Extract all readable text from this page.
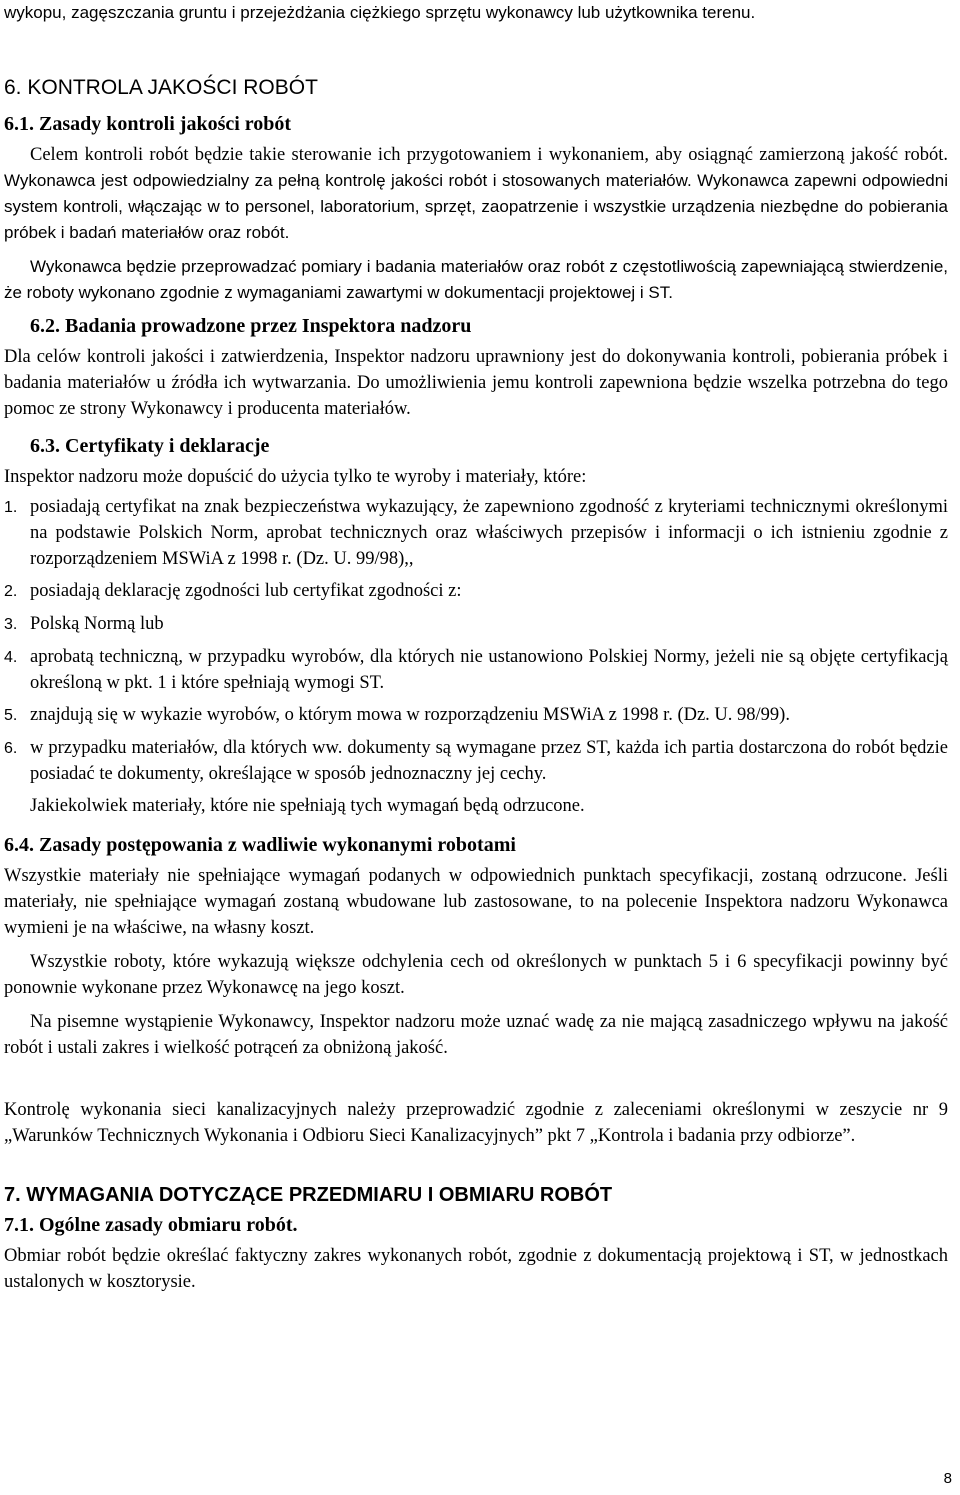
wykopu, zagęszczania gruntu i przejeżdżania ciężkiego sprzętu wykonawcy lub użytkownika terenu.

6. KONTROLA JAKOŚCI ROBÓT

6.1. Zasady kontroli jakości robót

Celem kontroli robót będzie takie sterowanie ich przygotowaniem i wykonaniem, aby osiągnąć zamierzoną jakość robót. Wykonawca jest odpowiedzialny za pełną kontrolę jakości robót i stosowanych materiałów. Wykonawca zapewni odpowiedni system kontroli, włączając w to personel, laboratorium, sprzęt, zaopatrzenie i wszystkie urządzenia niezbędne do pobierania próbek i badań materiałów oraz robót.

Wykonawca będzie przeprowadzać pomiary i badania materiałów oraz robót z częstotliwością zapewniającą stwierdzenie, że roboty wykonano zgodnie z wymaganiami zawartymi w dokumentacji projektowej i ST.

6.2. Badania prowadzone przez Inspektora nadzoru

Dla celów kontroli jakości i zatwierdzenia, Inspektor nadzoru uprawniony jest do dokonywania kontroli, pobierania próbek i badania materiałów u źródła ich wytwarzania. Do umożliwienia jemu kontroli zapewniona będzie wszelka potrzebna do tego pomoc ze strony Wykonawcy i producenta materiałów.

6.3. Certyfikaty i deklaracje

Inspektor nadzoru może dopuścić do użycia tylko te wyroby i materiały, które:

1. posiadają certyfikat na znak bezpieczeństwa wykazujący, że zapewniono zgodność z kryteriami technicznymi określonymi na podstawie Polskich Norm, aprobat technicznych oraz właściwych przepisów i informacji o ich istnieniu zgodnie z rozporządzeniem MSWiA z 1998 r. (Dz. U. 99/98),,
2. posiadają deklarację zgodności lub certyfikat zgodności z:
3. Polską Normą lub
4. aprobatą techniczną, w przypadku wyrobów, dla których nie ustanowiono Polskiej Normy, jeżeli nie są objęte certyfikacją określoną w pkt. 1 i które spełniają wymogi ST.
5. znajdują się w wykazie wyrobów, o którym mowa w rozporządzeniu MSWiA z 1998 r. (Dz. U. 98/99).
6. w przypadku materiałów, dla których ww. dokumenty są wymagane przez ST, każda ich partia dostarczona do robót będzie posiadać te dokumenty, określające w sposób jednoznaczny jej cechy.

Jakiekolwiek materiały, które nie spełniają tych wymagań będą odrzucone.

6.4. Zasady postępowania z wadliwie wykonanymi robotami

Wszystkie materiały nie spełniające wymagań podanych w odpowiednich punktach specyfikacji, zostaną odrzucone. Jeśli materiały, nie spełniające wymagań zostaną wbudowane lub zastosowane, to na polecenie Inspektora nadzoru Wykonawca wymieni je na właściwe, na własny koszt.

Wszystkie roboty, które wykazują większe odchylenia cech od określonych w punktach 5 i 6 specyfikacji powinny być ponownie wykonane przez Wykonawcę na jego koszt.

Na pisemne wystąpienie Wykonawcy, Inspektor nadzoru może uznać wadę za nie mającą zasadniczego wpływu na jakość robót i ustali zakres i wielkość potrąceń za obniżoną jakość.

Kontrolę wykonania sieci kanalizacyjnych należy przeprowadzić zgodnie z zaleceniami określonymi w zeszycie nr 9 „Warunków Technicznych Wykonania i Odbioru Sieci Kanalizacyjnych” pkt 7 „Kontrola i badania przy odbiorze”.

7. WYMAGANIA DOTYCZĄCE PRZEDMIARU I OBMIARU ROBÓT

7.1. Ogólne zasady obmiaru robót.

Obmiar robót będzie określać faktyczny zakres wykonanych robót, zgodnie z dokumentacją projektową i ST, w jednostkach ustalonych w kosztorysie.

8
